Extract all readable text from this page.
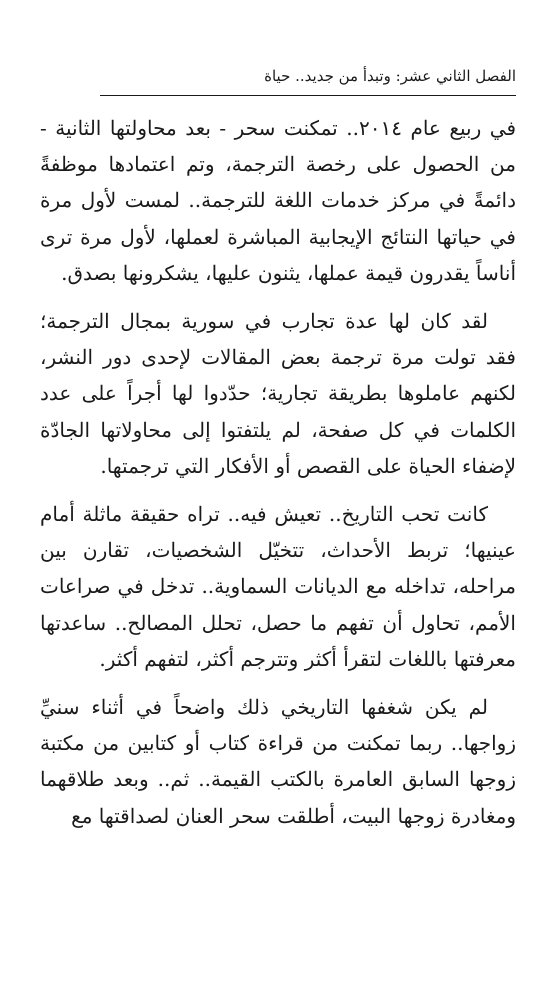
الفصل الثاني عشر: وتبدأ من جديد.. حياة

في ربيع عام ٢٠١٤.. تمكنت سحر - بعد محاولتها الثانية - من الحصول على رخصة الترجمة، وتم اعتمادها موظفةً دائمةً في مركز خدمات اللغة للترجمة.. لمست لأول مرة في حياتها النتائج الإيجابية المباشرة لعملها، لأول مرة ترى أناساً يقدرون قيمة عملها، يثنون عليها، يشكرونها بصدق.

لقد كان لها عدة تجارب في سورية بمجال الترجمة؛ فقد تولت مرة ترجمة بعض المقالات لإحدى دور النشر، لكنهم عاملوها بطريقة تجارية؛ حدّدوا لها أجراً على عدد الكلمات في كل صفحة، لم يلتفتوا إلى محاولاتها الجادّة لإضفاء الحياة على القصص أو الأفكار التي ترجمتها.

كانت تحب التاريخ.. تعيش فيه.. تراه حقيقة ماثلة أمام عينيها؛ تربط الأحداث، تتخيّل الشخصيات، تقارن بين مراحله، تداخله مع الديانات السماوية.. تدخل في صراعات الأمم، تحاول أن تفهم ما حصل، تحلل المصالح.. ساعدتها معرفتها باللغات لتقرأ أكثر وتترجم أكثر، لتفهم أكثر.

لم يكن شغفها التاريخي ذلك واضحاً في أثناء سنيِّ زواجها.. ربما تمكنت من قراءة كتاب أو كتابين من مكتبة زوجها السابق العامرة بالكتب القيمة.. ثم.. وبعد طلاقهما ومغادرة زوجها البيت، أطلقت سحر العنان لصداقتها مع
